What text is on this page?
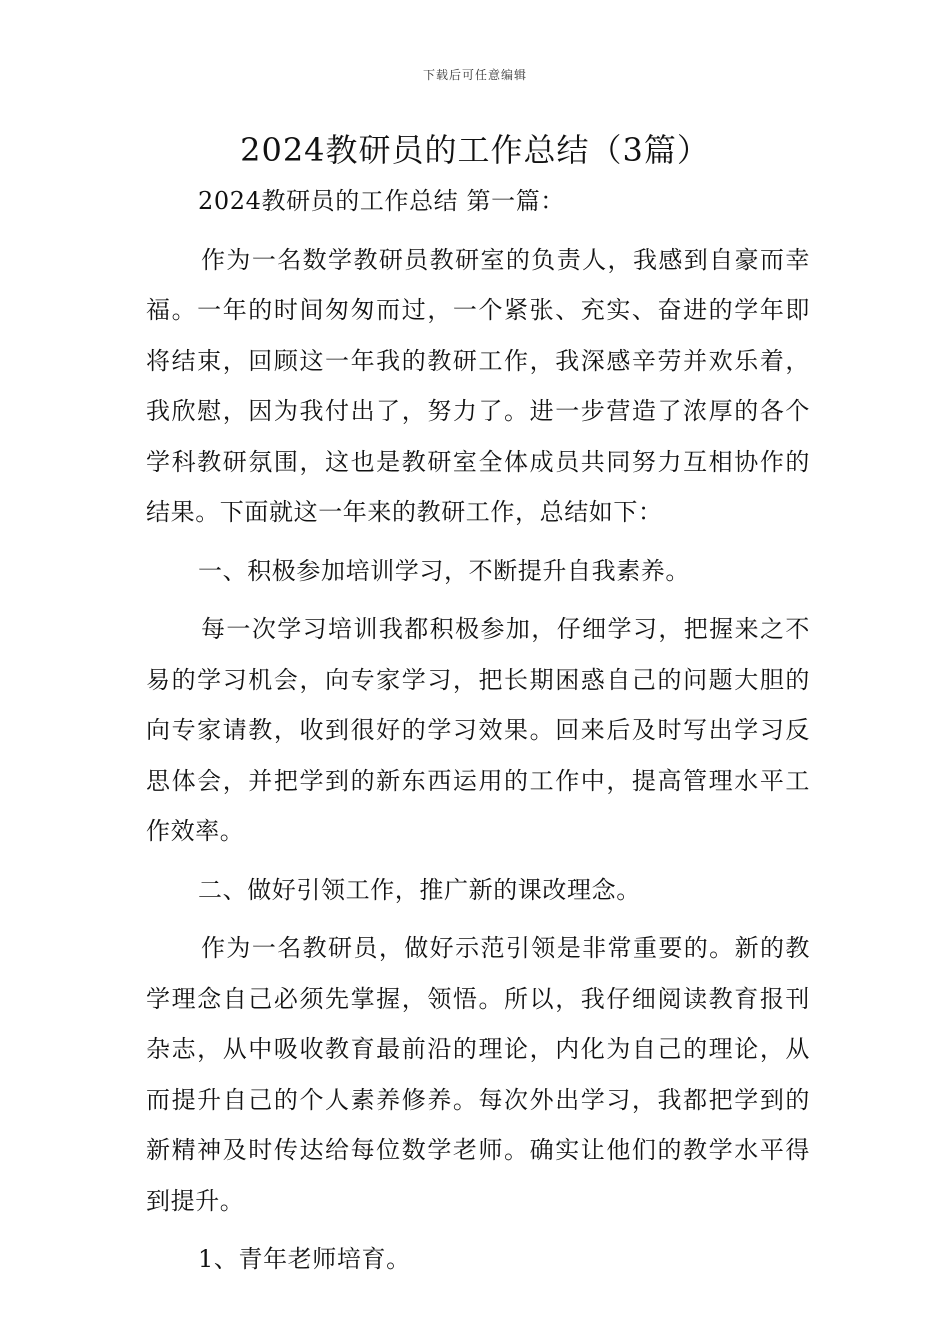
下载后可任意编辑
2024教研员的工作总结（3篇）

2024教研员的工作总结 第一篇：

作为一名数学教研员教研室的负责人，我感到自豪而幸福。一年的时间匆匆而过，一个紧张、充实、奋进的学年即将结束，回顾这一年我的教研工作，我深感辛劳并欢乐着，我欣慰，因为我付出了，努力了。进一步营造了浓厚的各个学科教研氛围，这也是教研室全体成员共同努力互相协作的结果。下面就这一年来的教研工作，总结如下：

一、积极参加培训学习，不断提升自我素养。

每一次学习培训我都积极参加，仔细学习，把握来之不易的学习机会，向专家学习，把长期困惑自己的问题大胆的向专家请教，收到很好的学习效果。回来后及时写出学习反思体会，并把学到的新东西运用的工作中，提高管理水平工作效率。

二、做好引领工作，推广新的课改理念。

作为一名教研员，做好示范引领是非常重要的。新的教学理念自己必须先掌握，领悟。所以，我仔细阅读教育报刊杂志，从中吸收教育最前沿的理论，内化为自己的理论，从而提升自己的个人素养修养。每次外出学习，我都把学到的新精神及时传达给每位数学老师。确实让他们的教学水平得到提升。

1、青年老师培育。
